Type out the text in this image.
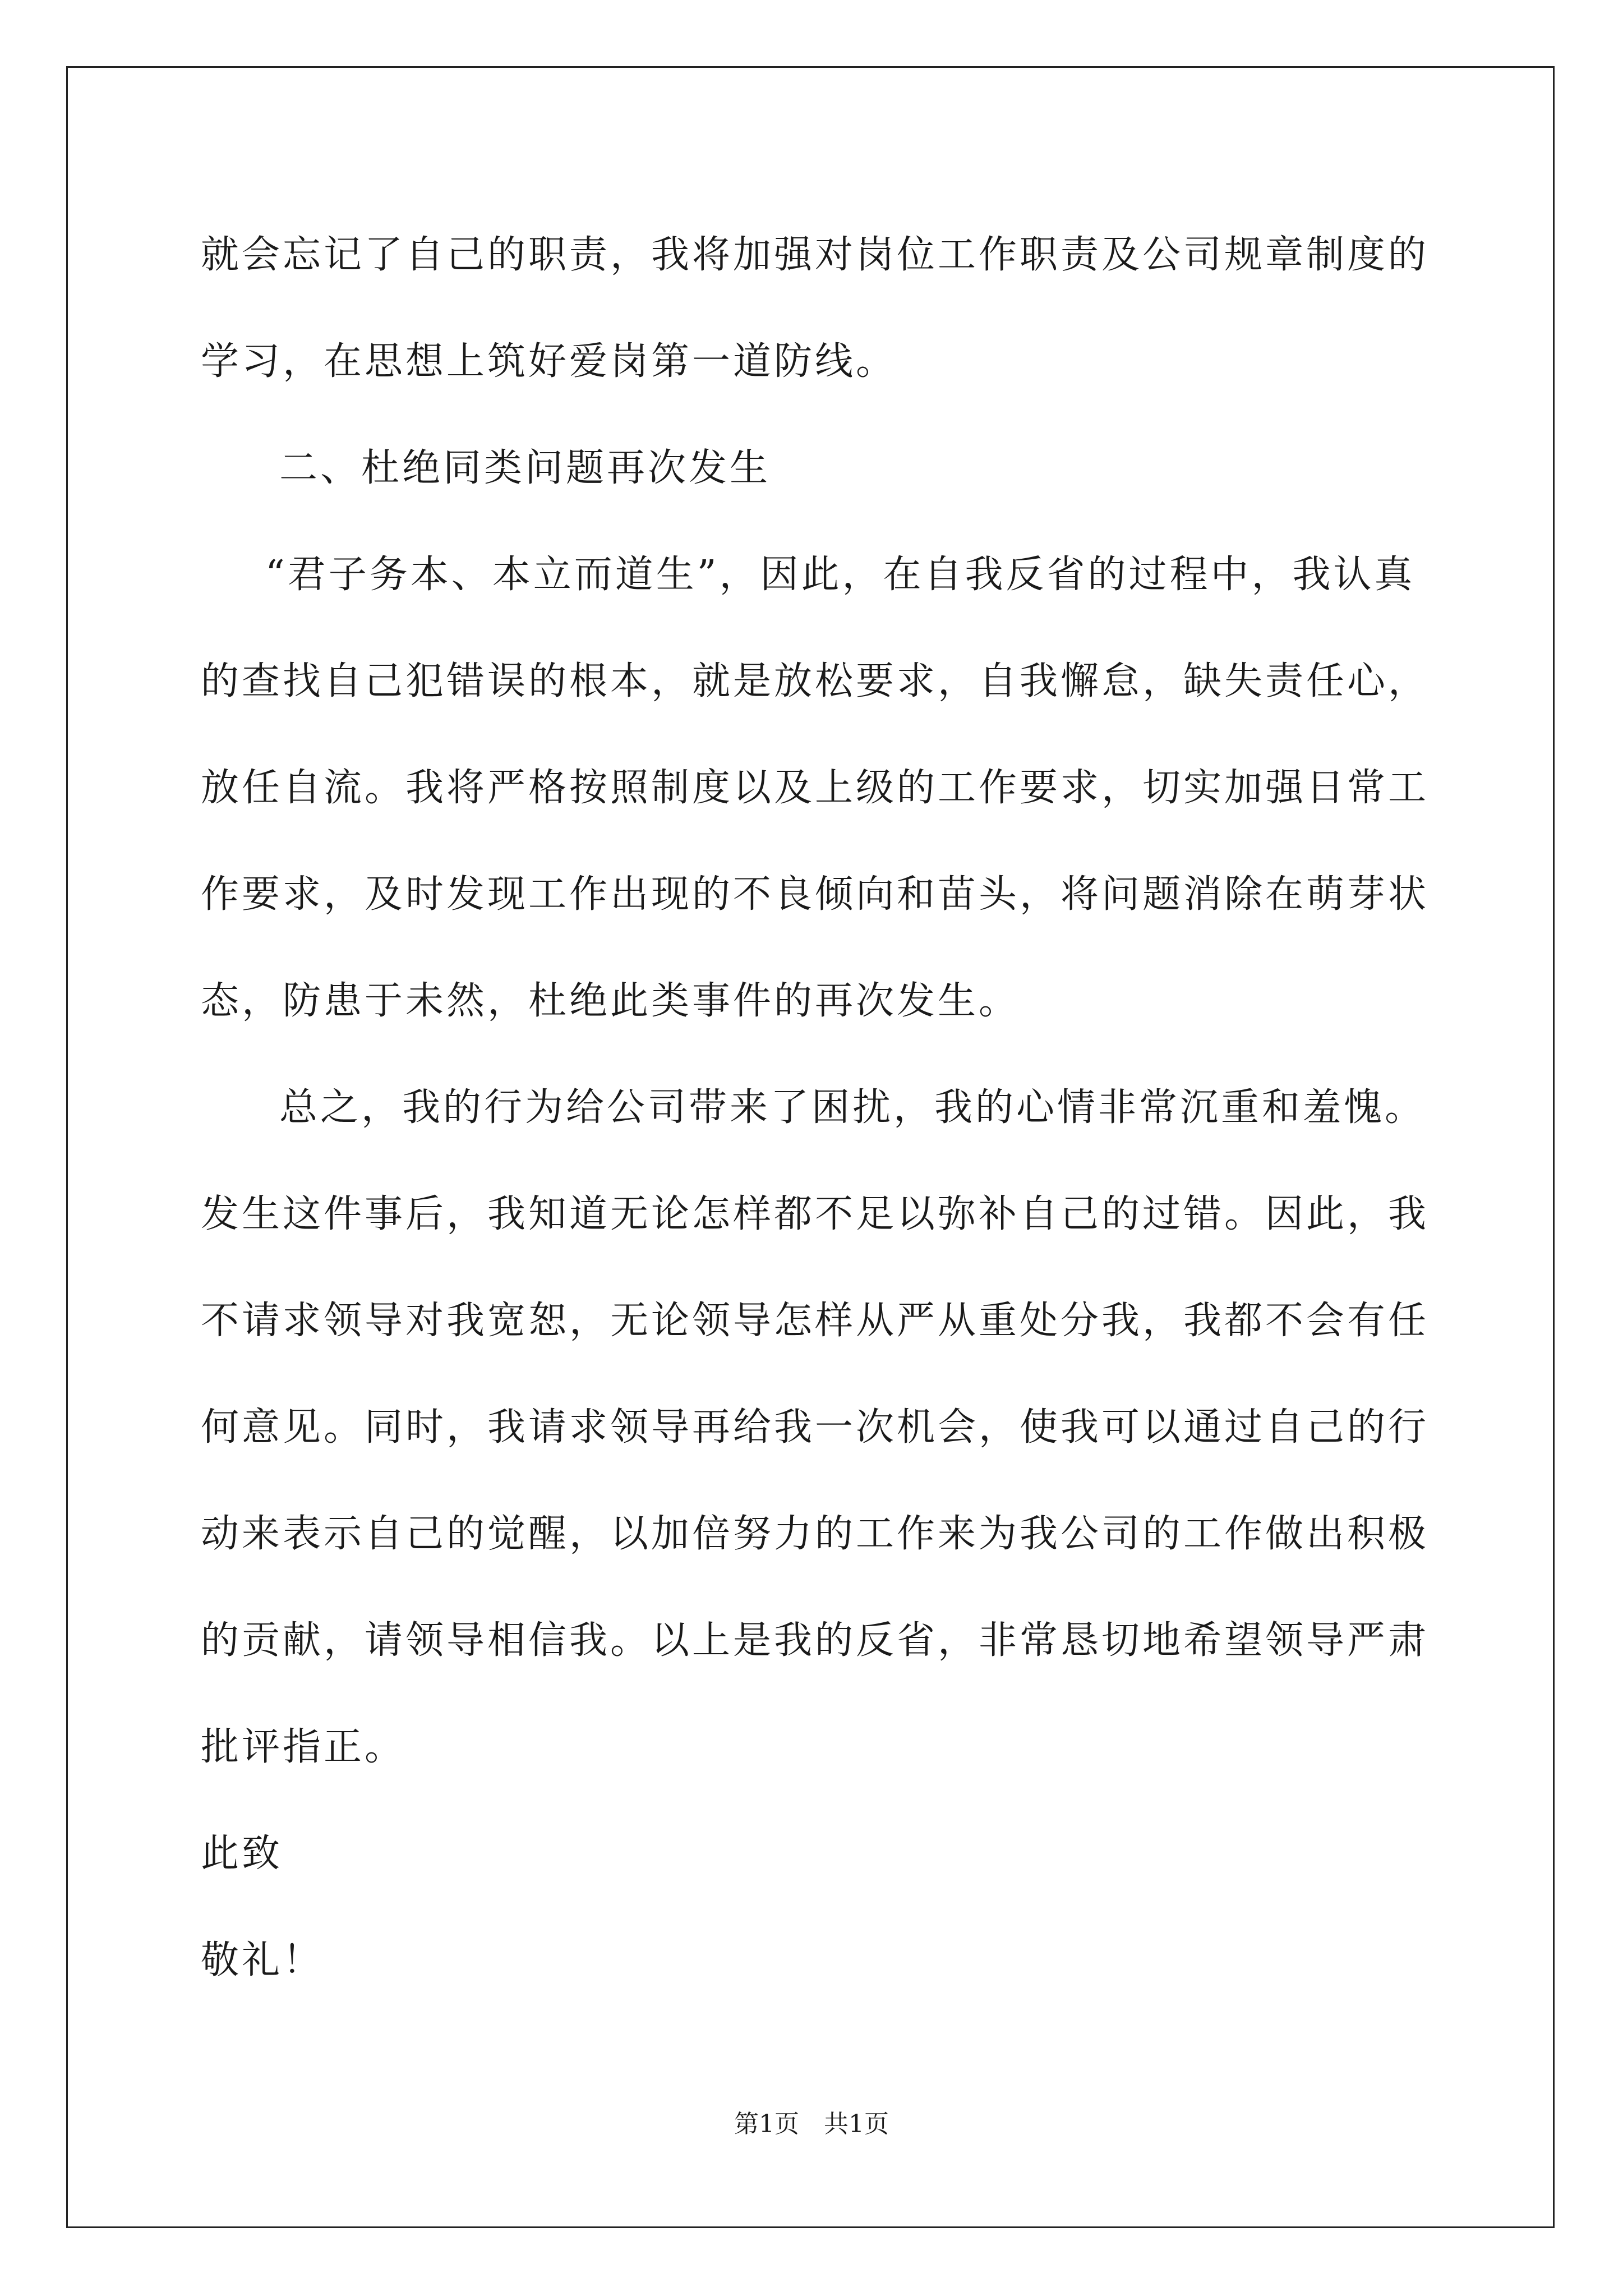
就会忘记了自己的职责，我将加强对岗位工作职责及公司规章制度的
学习，在思想上筑好爱岗第一道防线。
二、杜绝同类问题再次发生
“君子务本、本立而道生”，因此，在自我反省的过程中，我认真
的查找自己犯错误的根本，就是放松要求，自我懈怠，缺失责任心，
放任自流。我将严格按照制度以及上级的工作要求，切实加强日常工
作要求，及时发现工作出现的不良倾向和苗头，将问题消除在萌芽状
态，防患于未然，杜绝此类事件的再次发生。
总之，我的行为给公司带来了困扰，我的心情非常沉重和羞愧。
发生这件事后，我知道无论怎样都不足以弥补自己的过错。因此，我
不请求领导对我宽恕，无论领导怎样从严从重处分我，我都不会有任
何意见。同时，我请求领导再给我一次机会，使我可以通过自己的行
动来表示自己的觉醒，以加倍努力的工作来为我公司的工作做出积极
的贡献，请领导相信我。以上是我的反省，非常恳切地希望领导严肃
批评指正。
此致
敬礼！
第1页　共1页
